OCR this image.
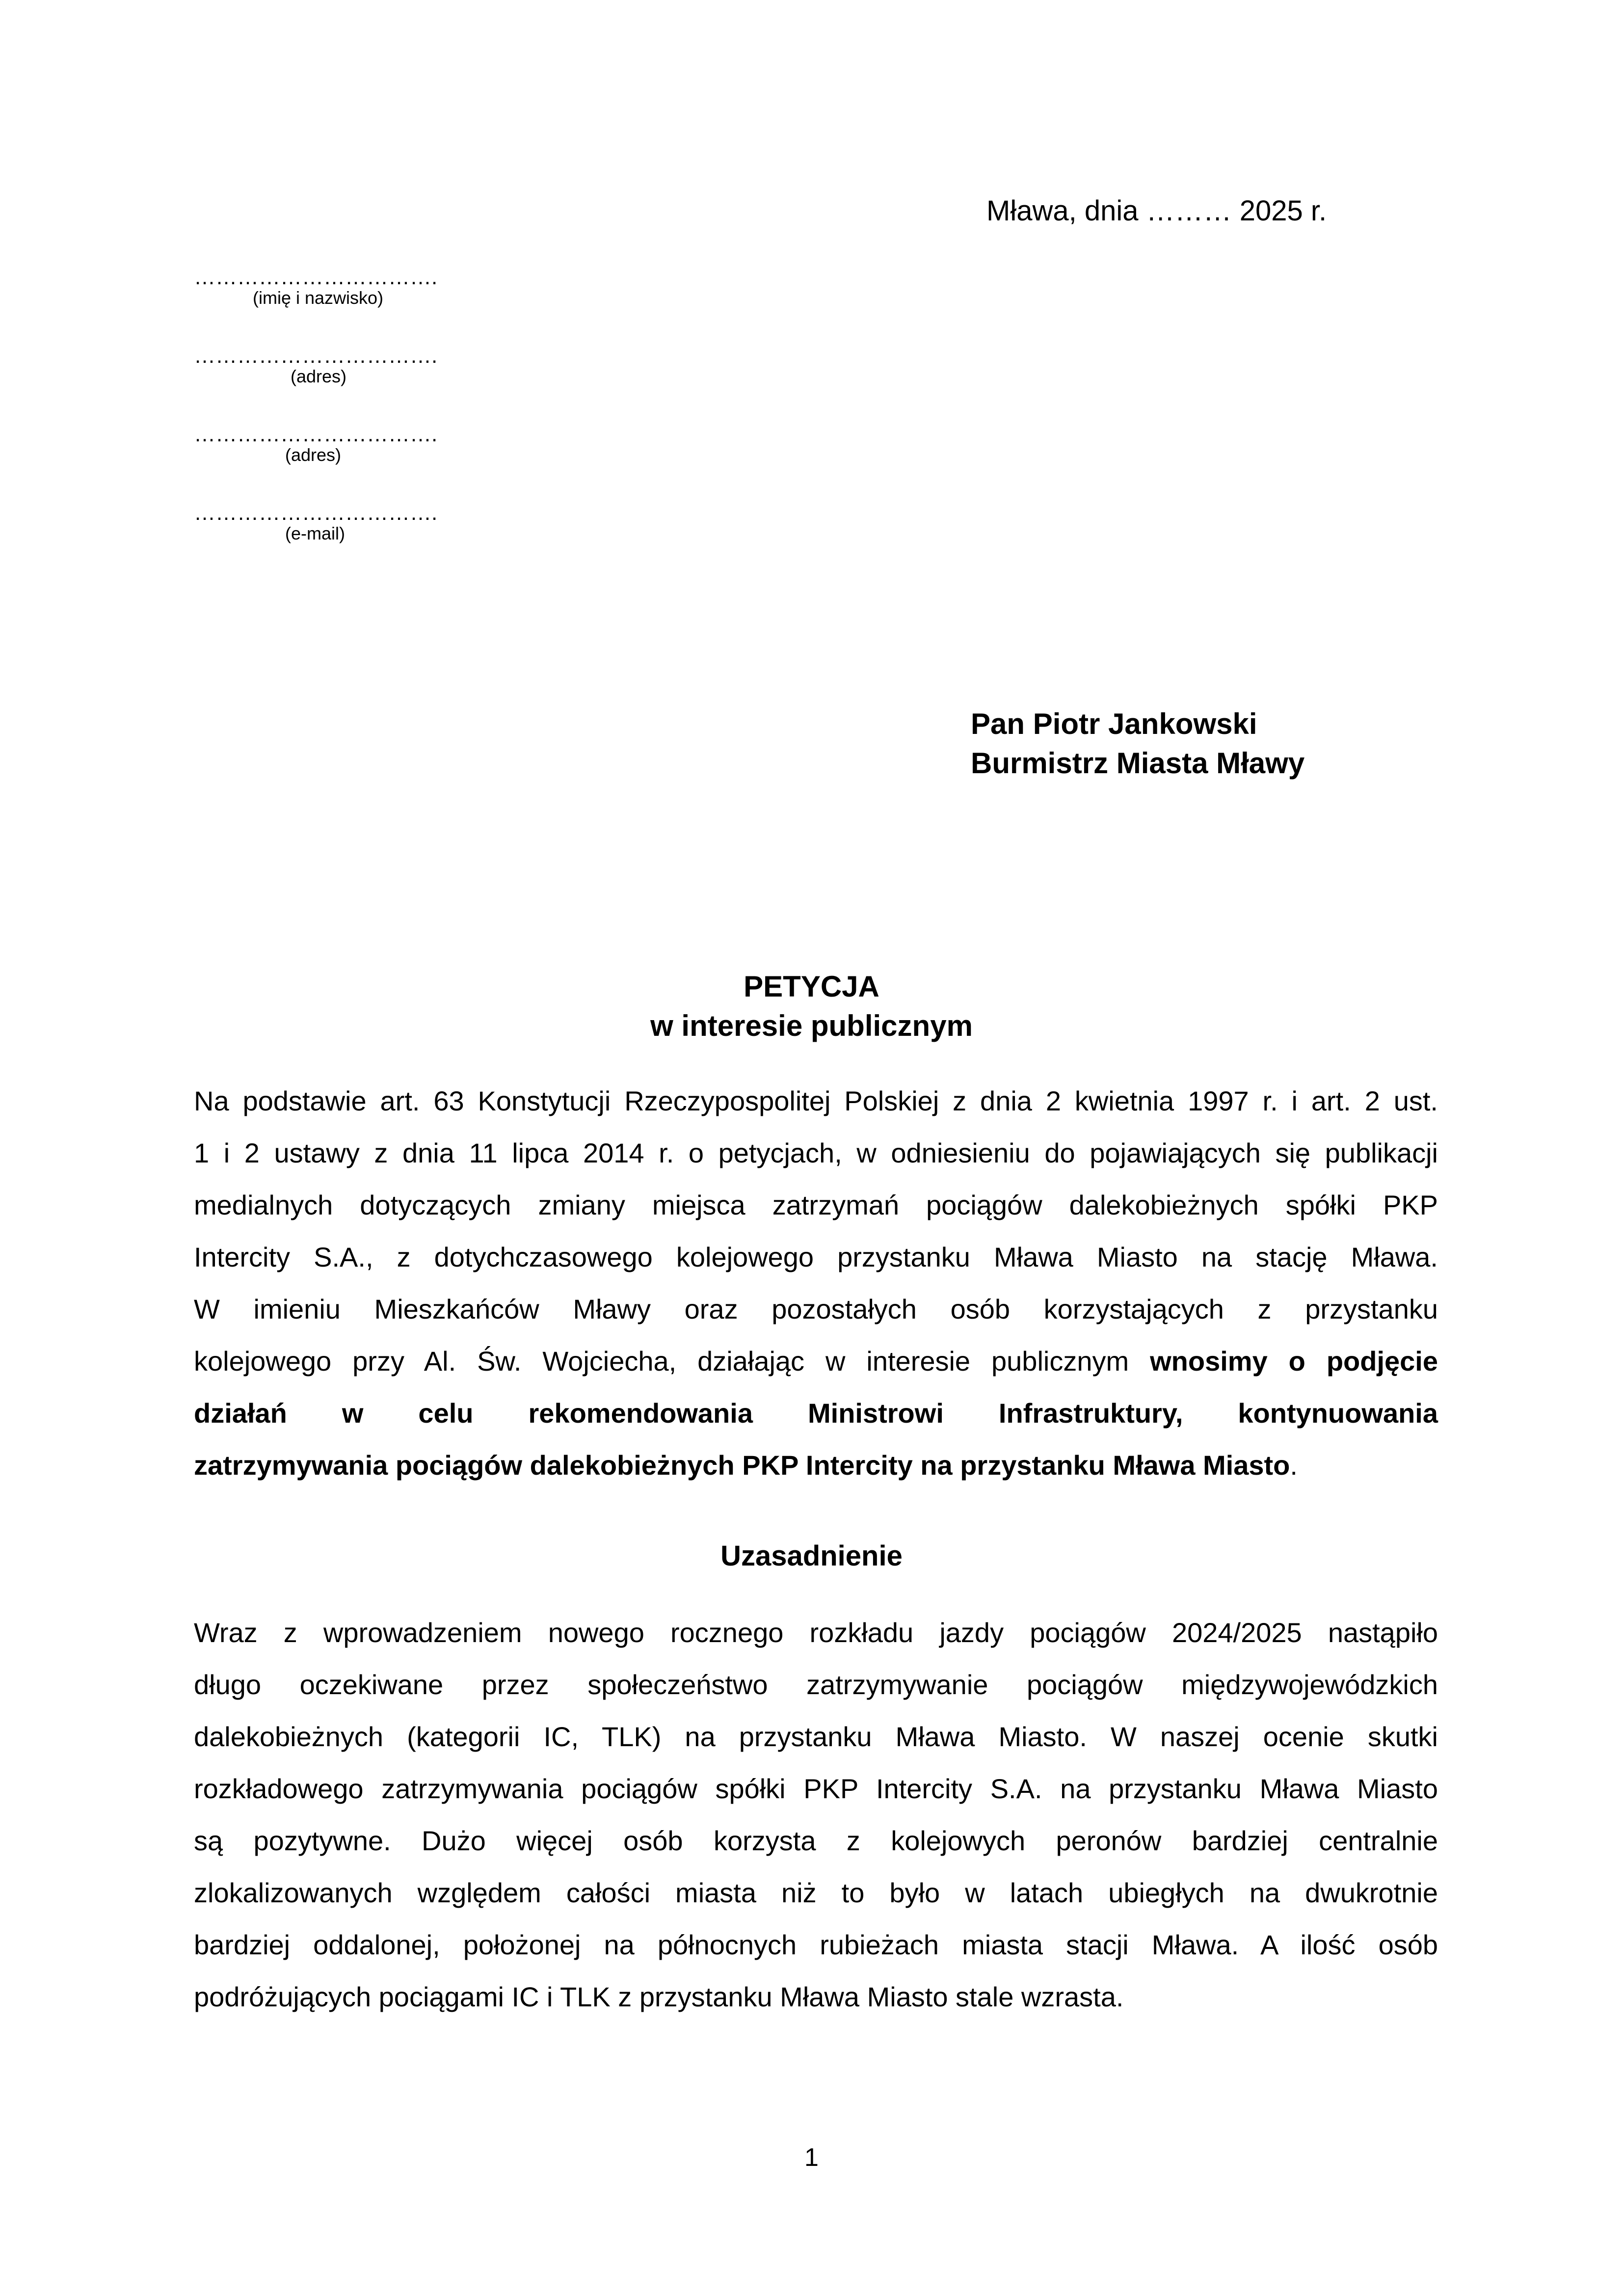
Mława, dnia ……… 2025 r.
…………………………….
(imię i nazwisko)
…………………………….
(adres)
…………………………….
(adres)
…………………………….
(e-mail)
Pan Piotr Jankowski
Burmistrz Miasta Mławy
PETYCJA
w interesie publicznym
Na podstawie art. 63 Konstytucji Rzeczypospolitej Polskiej z dnia 2 kwietnia 1997 r. i art. 2 ust.
1 i 2 ustawy z dnia 11 lipca 2014 r. o petycjach, w odniesieniu do pojawiających się publikacji
medialnych dotyczących zmiany miejsca zatrzymań pociągów dalekobieżnych spółki PKP
Intercity S.A., z dotychczasowego kolejowego przystanku Mława Miasto na stację Mława.
W imieniu Mieszkańców Mławy oraz pozostałych osób korzystających z przystanku
kolejowego przy Al. Św. Wojciecha, działając w interesie publicznym wnosimy o podjęcie
działań w celu rekomendowania Ministrowi Infrastruktury, kontynuowania
zatrzymywania pociągów dalekobieżnych PKP Intercity na przystanku Mława Miasto.
Uzasadnienie
Wraz z wprowadzeniem nowego rocznego rozkładu jazdy pociągów 2024/2025 nastąpiło
długo oczekiwane przez społeczeństwo zatrzymywanie pociągów międzywojewódzkich
dalekobieżnych (kategorii IC, TLK) na przystanku Mława Miasto. W naszej ocenie skutki
rozkładowego zatrzymywania pociągów spółki PKP Intercity S.A. na przystanku Mława Miasto
są pozytywne. Dużo więcej osób korzysta z kolejowych peronów bardziej centralnie
zlokalizowanych względem całości miasta niż to było w latach ubiegłych na dwukrotnie
bardziej oddalonej, położonej na północnych rubieżach miasta stacji Mława. A ilość osób
podróżujących pociągami IC i TLK z przystanku Mława Miasto stale wzrasta.
1
